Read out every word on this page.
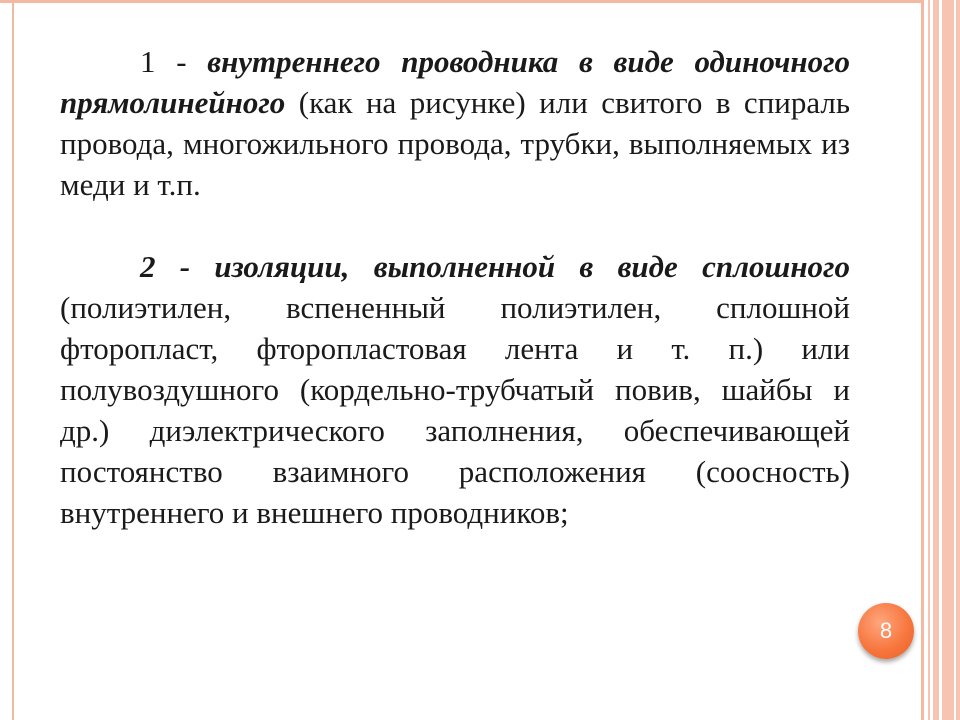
1 - внутреннего проводника в виде одиночного прямолинейного (как на рисунке) или свитого в спираль провода, многожильного провода, трубки, выполняемых из меди и т.п.

2 - изоляции, выполненной в виде сплошного (полиэтилен, вспененный полиэтилен, сплошной фторопласт, фторопластовая лента и т. п.) или полувоздушного (кордельно-трубчатый повив, шайбы и др.) диэлектрического заполнения, обеспечивающей постоянство взаимного расположения (соосность) внутреннего и внешнего проводников;

8
